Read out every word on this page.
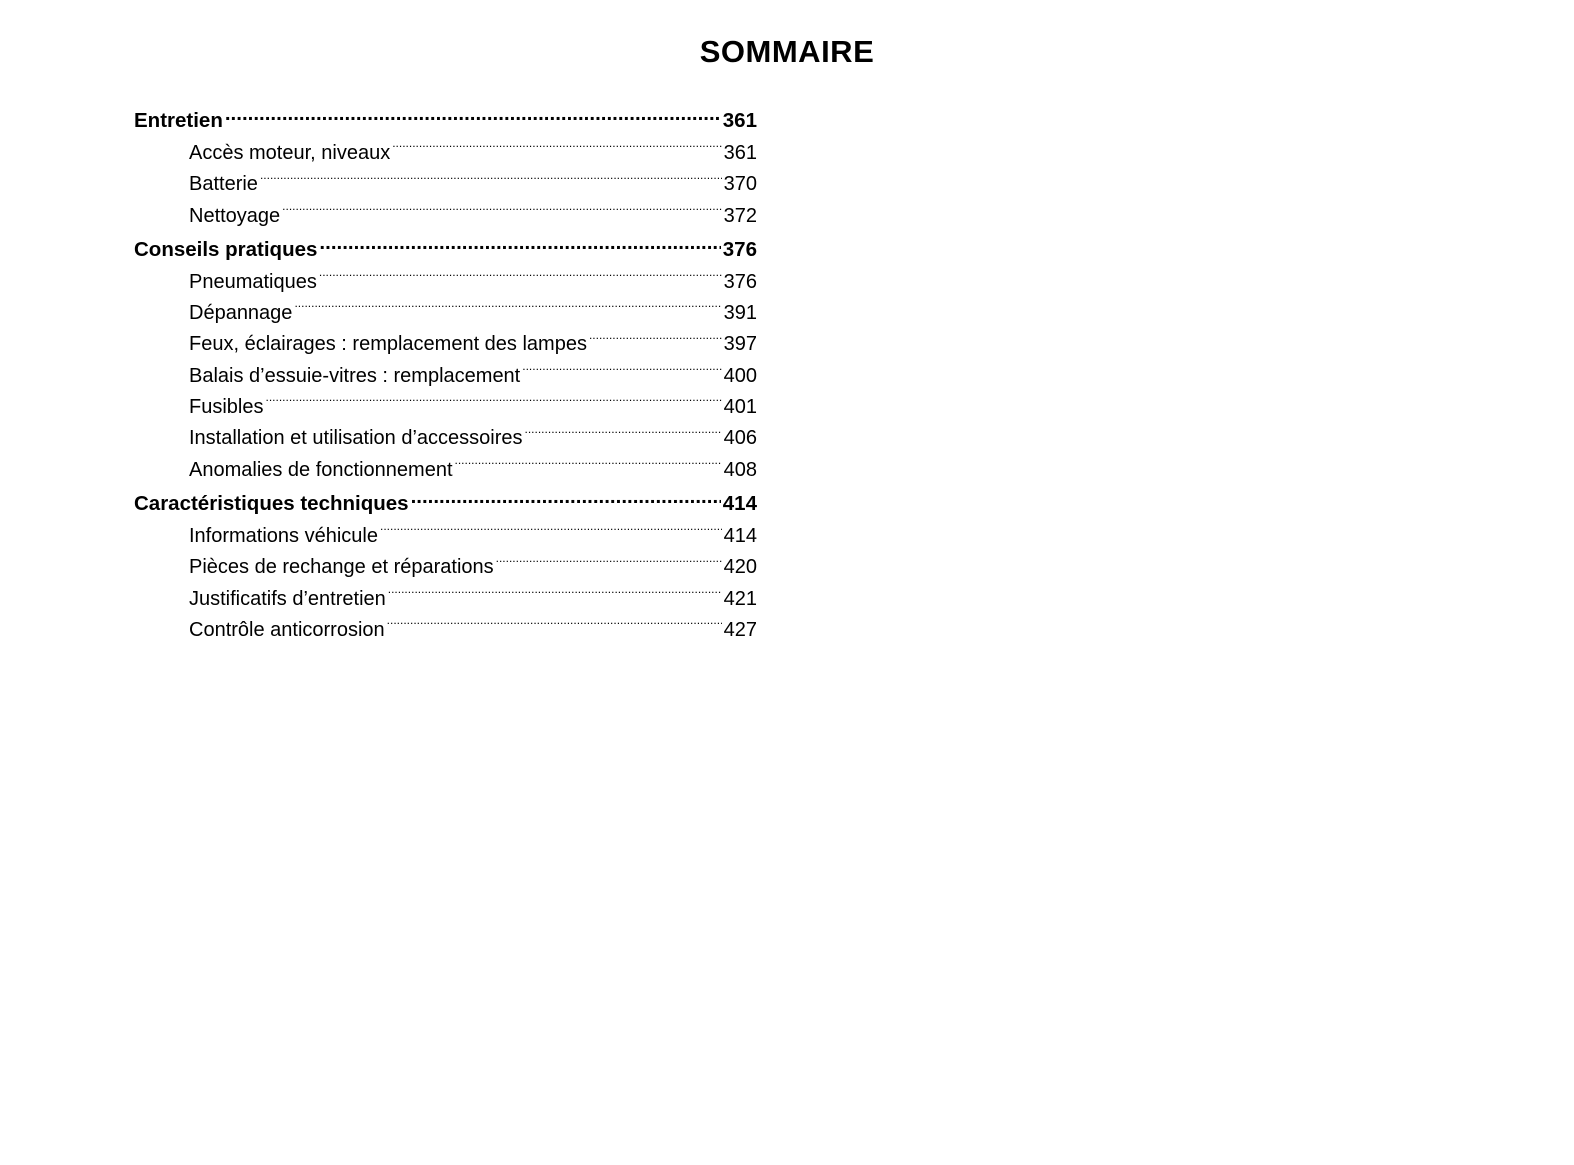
SOMMAIRE
Entretien .....	361
Accès moteur, niveaux .....	361
Batterie .....	370
Nettoyage .....	372
Conseils pratiques .....	376
Pneumatiques .....	376
Dépannage .....	391
Feux, éclairages : remplacement des lampes .....	397
Balais d’essuie-vitres : remplacement .....	400
Fusibles .....	401
Installation et utilisation d’accessoires .....	406
Anomalies de fonctionnement .....	408
Caractéristiques techniques .....	414
Informations véhicule .....	414
Pièces de rechange et réparations .....	420
Justificatifs d’entretien .....	421
Contrôle anticorrosion .....	427
